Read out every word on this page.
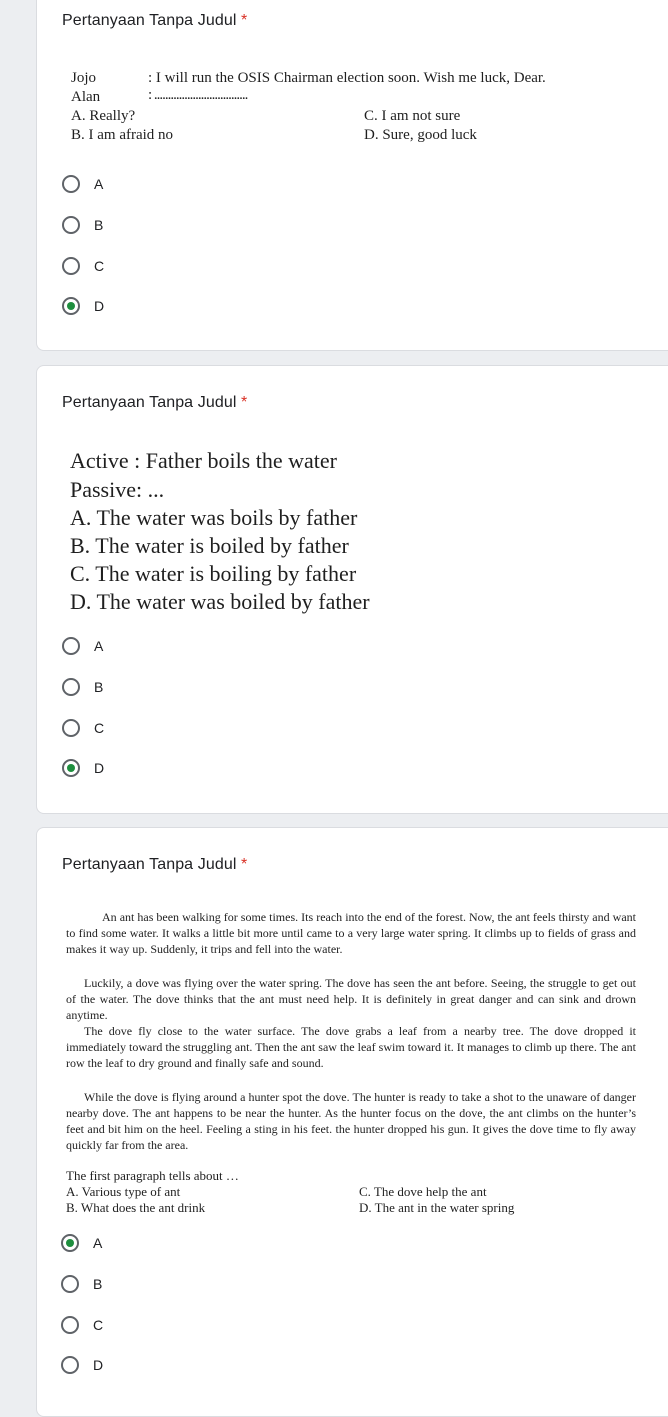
Pertanyaan Tanpa Judul *
Jojo	: I will run the OSIS Chairman election soon. Wish me luck, Dear.
Alan	: ..................................
A. Really?
B. I am afraid no
C. I am not sure
D. Sure, good luck
A
B
C
D
Pertanyaan Tanpa Judul *
Active : Father boils the water
Passive: ...
A. The water was boils by father
B. The water is boiled by father
C. The water is boiling by father
D. The water was boiled by father
A
B
C
D
Pertanyaan Tanpa Judul *

An ant has been walking for some times. Its reach into the end of the forest. Now, the ant feels thirsty and want to find some water. It walks a little bit more until came to a very large water spring. It climbs up to fields of grass and makes it way up. Suddenly, it trips and fell into the water.

Luckily, a dove was flying over the water spring. The dove has seen the ant before. Seeing, the struggle to get out of the water. The dove thinks that the ant must need help. It is definitely in great danger and can sink and drown anytime.

The dove fly close to the water surface. The dove grabs a leaf from a nearby tree. The dove dropped it immediately toward the struggling ant. Then the ant saw the leaf swim toward it. It manages to climb up there. The ant row the leaf to dry ground and finally safe and sound.

While the dove is flying around a hunter spot the dove. The hunter is ready to take a shot to the unaware of danger nearby dove. The ant happens to be near the hunter. As the hunter focus on the dove, the ant climbs on the hunter’s feet and bit him on the heel. Feeling a sting in his feet. the hunter dropped his gun. It gives the dove time to fly away quickly far from the area.

The first paragraph tells about …
A. Various type of ant
B. What does the ant drink
C. The dove help the ant
D. The ant in the water spring
A
B
C
D
